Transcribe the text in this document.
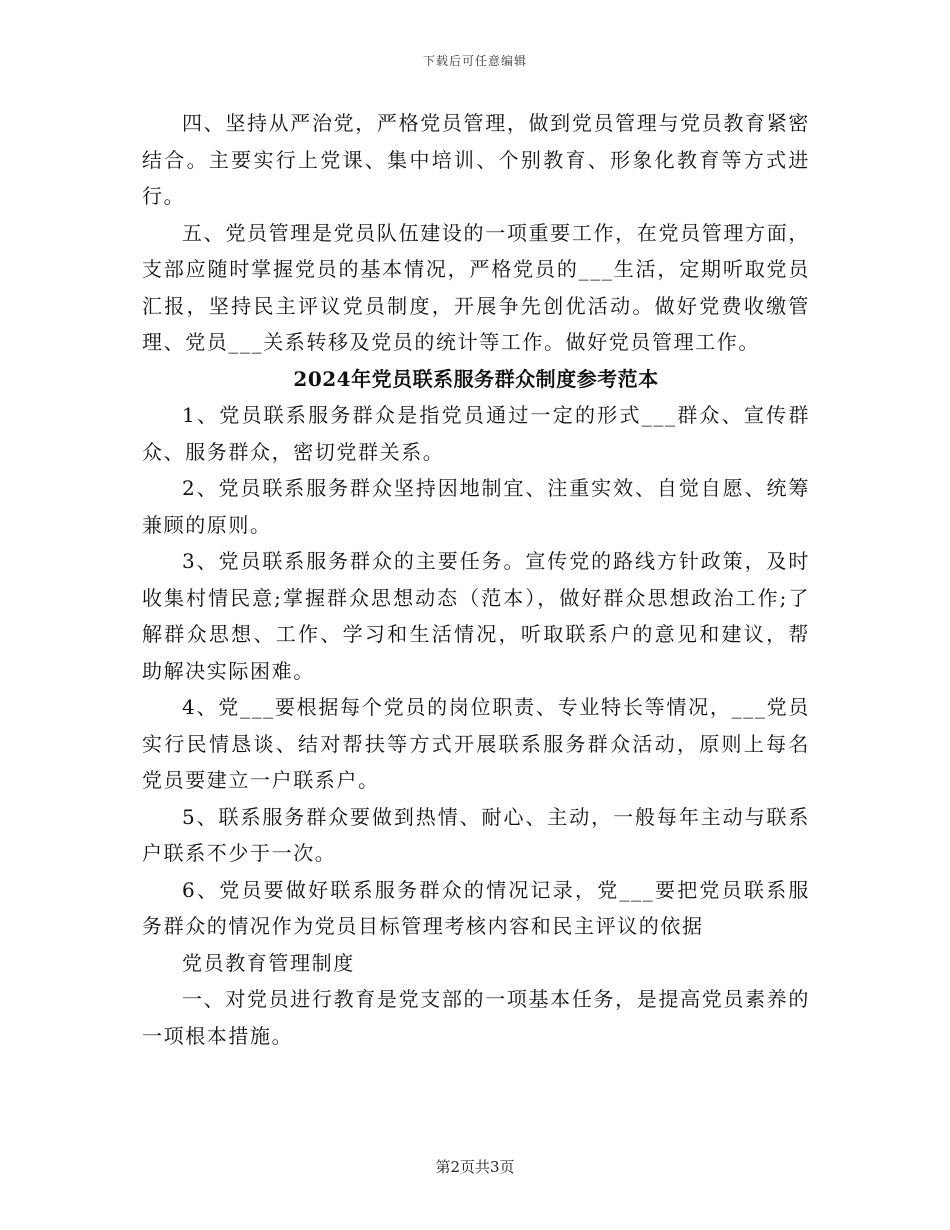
下载后可任意编辑

四、坚持从严治党，严格党员管理，做到党员管理与党员教育紧密结合。主要实行上党课、集中培训、个别教育、形象化教育等方式进行。

五、党员管理是党员队伍建设的一项重要工作，在党员管理方面，支部应随时掌握党员的基本情况，严格党员的___生活，定期听取党员汇报，坚持民主评议党员制度，开展争先创优活动。做好党费收缴管理、党员___关系转移及党员的统计等工作。做好党员管理工作。

2024年党员联系服务群众制度参考范本

1、党员联系服务群众是指党员通过一定的形式___群众、宣传群众、服务群众，密切党群关系。

2、党员联系服务群众坚持因地制宜、注重实效、自觉自愿、统筹兼顾的原则。

3、党员联系服务群众的主要任务。宣传党的路线方针政策，及时收集村情民意;掌握群众思想动态（范本），做好群众思想政治工作;了解群众思想、工作、学习和生活情况，听取联系户的意见和建议，帮助解决实际困难。

4、党___要根据每个党员的岗位职责、专业特长等情况，___党员实行民情恳谈、结对帮扶等方式开展联系服务群众活动，原则上每名党员要建立一户联系户。

5、联系服务群众要做到热情、耐心、主动，一般每年主动与联系户联系不少于一次。

6、党员要做好联系服务群众的情况记录，党___要把党员联系服务群众的情况作为党员目标管理考核内容和民主评议的依据

党员教育管理制度

一、对党员进行教育是党支部的一项基本任务，是提高党员素养的一项根本措施。

第2页共3页
